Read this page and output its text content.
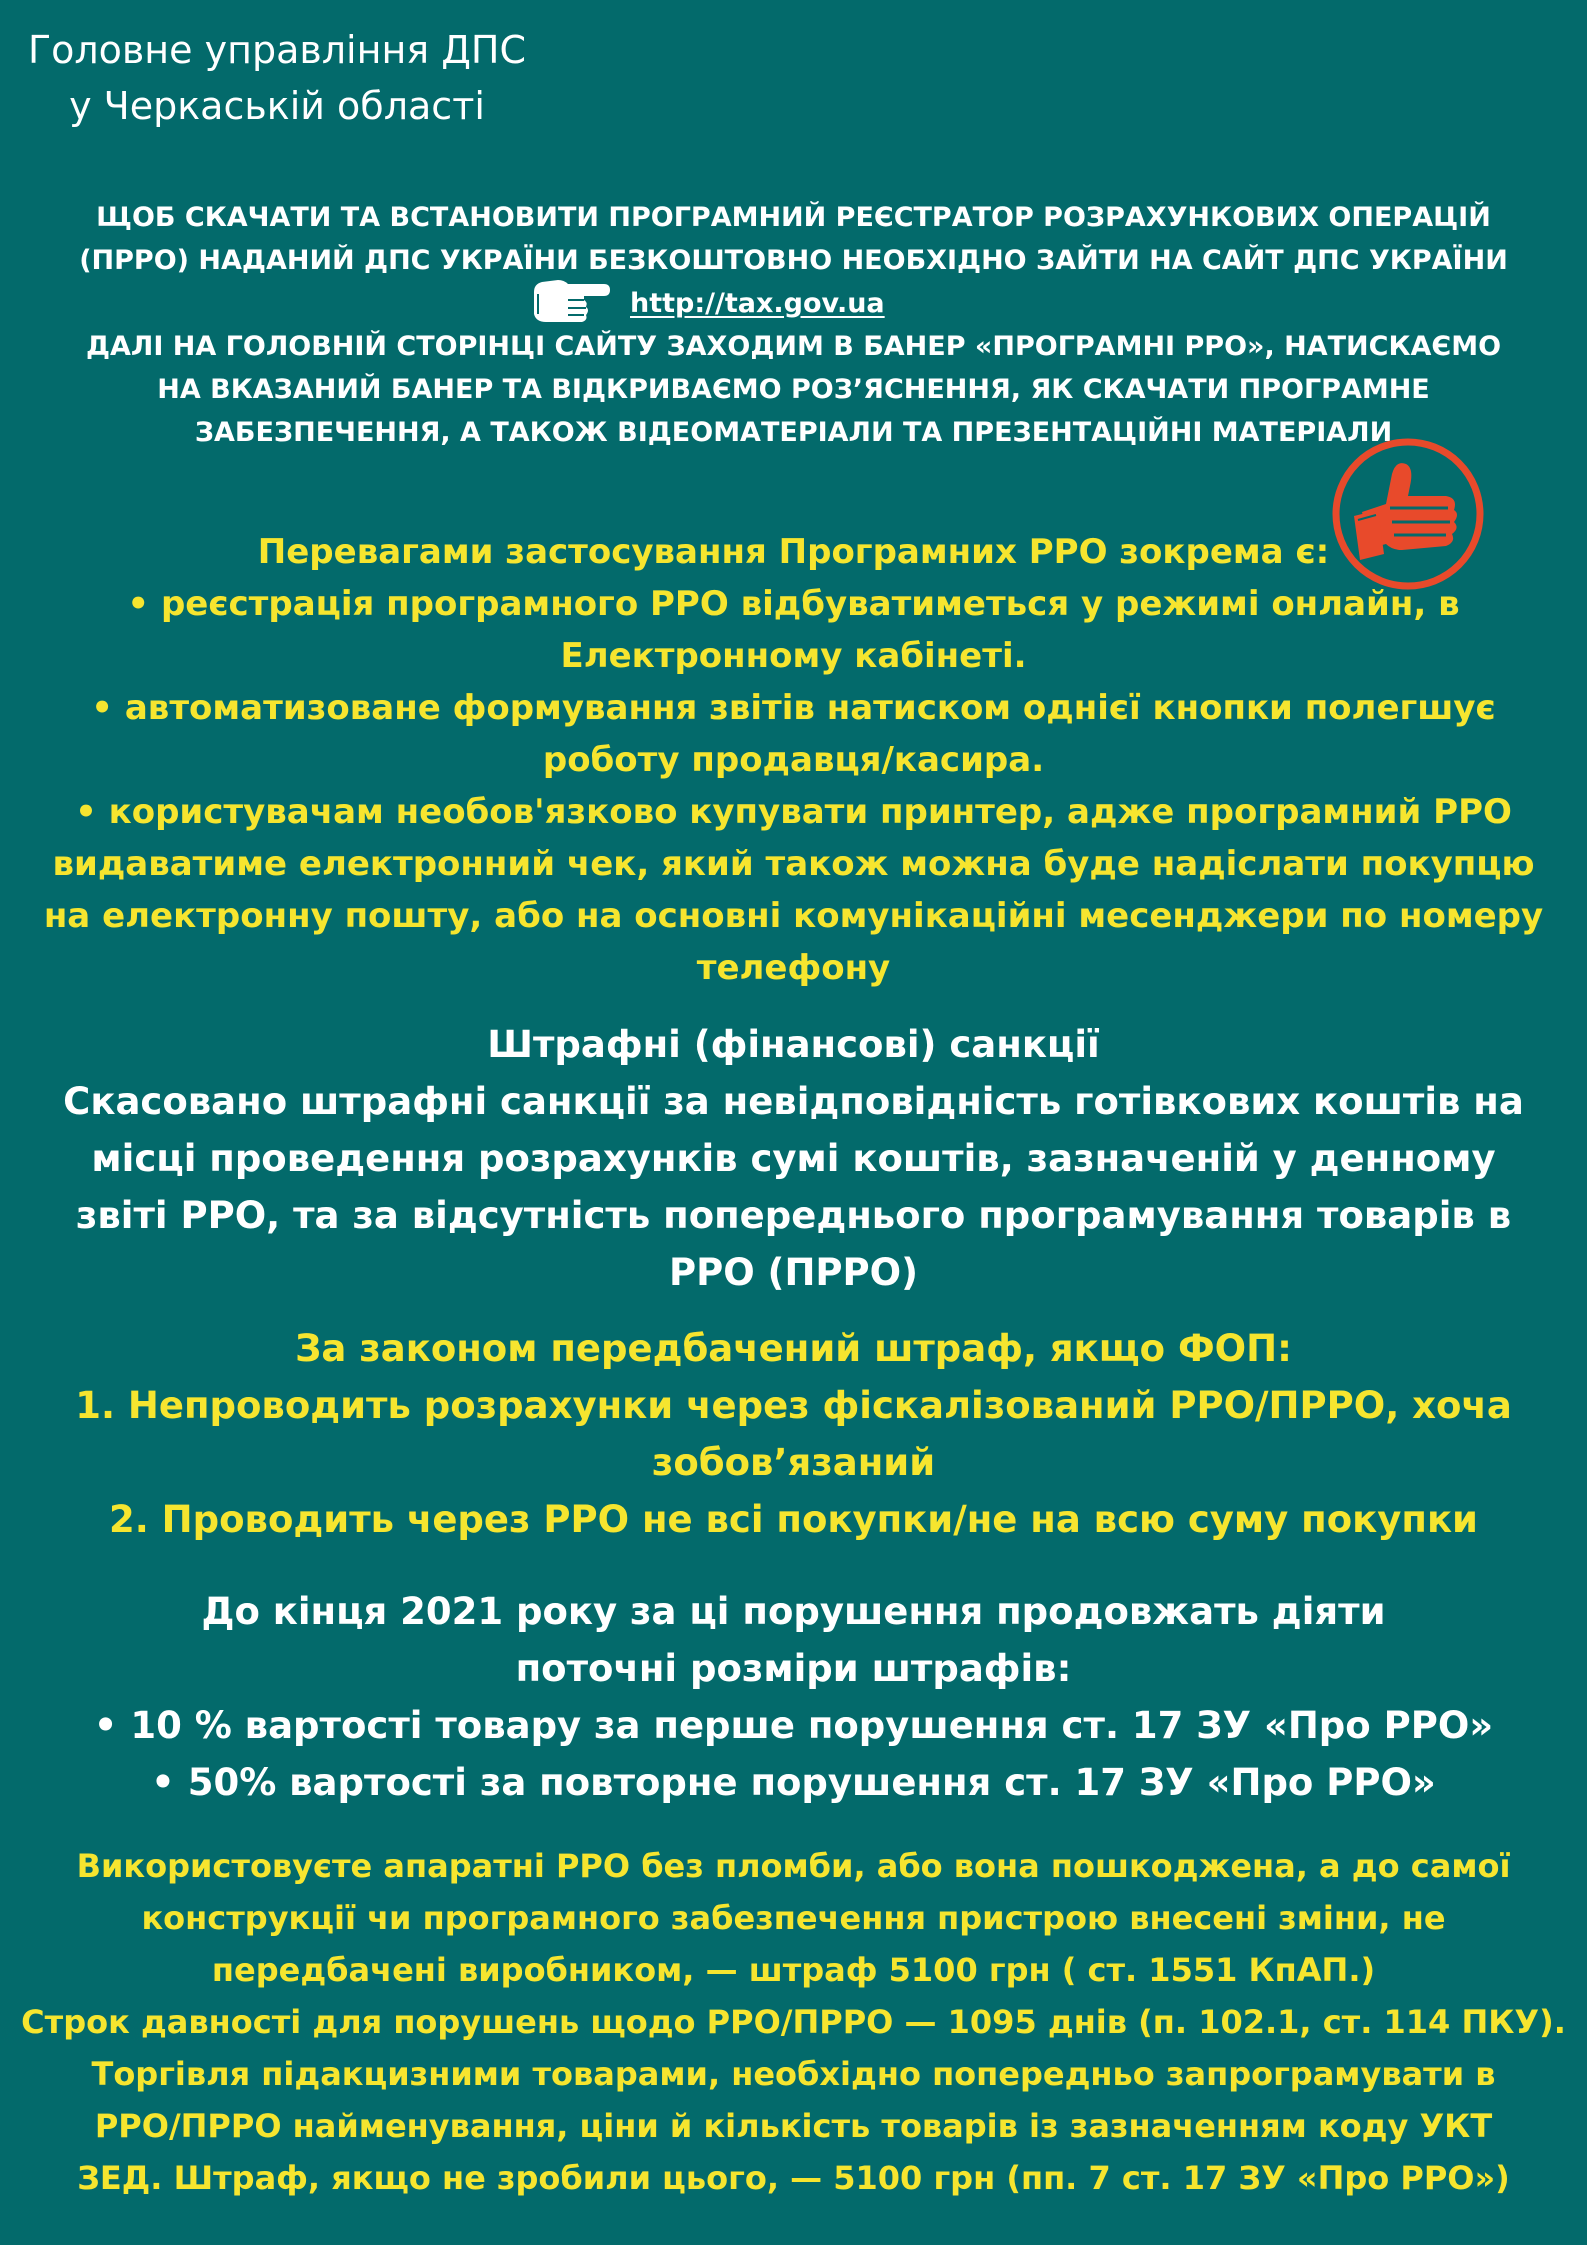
Головне управління ДПС
у Черкаській області
ЩОБ СКАЧАТИ ТА ВСТАНОВИТИ ПРОГРАМНИЙ РЕЄСТРАТОР РОЗРАХУНКОВИХ ОПЕРАЦІЙ
(ПРРО) НАДАНИЙ ДПС УКРАЇНИ БЕЗКОШТОВНО НЕОБХІДНО ЗАЙТИ НА САЙТ ДПС УКРАЇНИ
http://tax.gov.ua
ДАЛІ НА ГОЛОВНІЙ СТОРІНЦІ САЙТУ ЗАХОДИМ В БАНЕР «ПРОГРАМНІ РРО», НАТИСКАЄМО
НА ВКАЗАНИЙ БАНЕР ТА ВІДКРИВАЄМО РОЗ’ЯСНЕННЯ, ЯК СКАЧАТИ ПРОГРАМНЕ
ЗАБЕЗПЕЧЕННЯ, А ТАКОЖ ВІДЕОМАТЕРІАЛИ ТА ПРЕЗЕНТАЦІЙНІ МАТЕРІАЛИ
Перевагами застосування Програмних РРО зокрема є:
• реєстрація програмного РРО відбуватиметься у режимі онлайн, в
Електронному кабінеті.
• автоматизоване формування звітів натиском однієї кнопки полегшує
роботу продавця/касира.
• користувачам необов'язково купувати принтер, адже програмний РРО
видаватиме електронний чек, який також можна буде надіслати покупцю
на електронну пошту, або на основні комунікаційні месенджери по номеру
телефону
Штрафні (фінансові) санкції
Скасовано штрафні санкції за невідповідність готівкових коштів на
місці проведення розрахунків сумі коштів, зазначеній у денному
звіті РРО, та за відсутність попереднього програмування товарів в
РРО (ПРРО)
За законом передбачений штраф, якщо ФОП:
1. Непроводить розрахунки через фіскалізований РРО/ПРРО, хоча
зобов’язаний
2. Проводить через РРО не всі покупки/не на всю суму покупки
До кінця 2021 року за ці порушення продовжать діяти
поточні розміри штрафів:
• 10 % вартості товару за перше порушення ст. 17 ЗУ «Про РРО»
• 50% вартості за повторне порушення ст. 17 ЗУ «Про РРО»
Використовуєте апаратні РРО без пломби, або вона пошкоджена, а до самої
конструкції чи програмного забезпечення пристрою внесені зміни, не
передбачені виробником, — штраф 5100 грн ( ст. 1551 КпАП.)
Строк давності для порушень щодо РРО/ПРРО — 1095 днів (п. 102.1, ст. 114 ПКУ).
Торгівля підакцизними товарами, необхідно попередньо запрограмувати в
РРО/ПРРО найменування, ціни й кількість товарів із зазначенням коду УКТ
ЗЕД. Штраф, якщо не зробили цього, — 5100 грн (пп. 7 ст. 17 ЗУ «Про РРО»)
